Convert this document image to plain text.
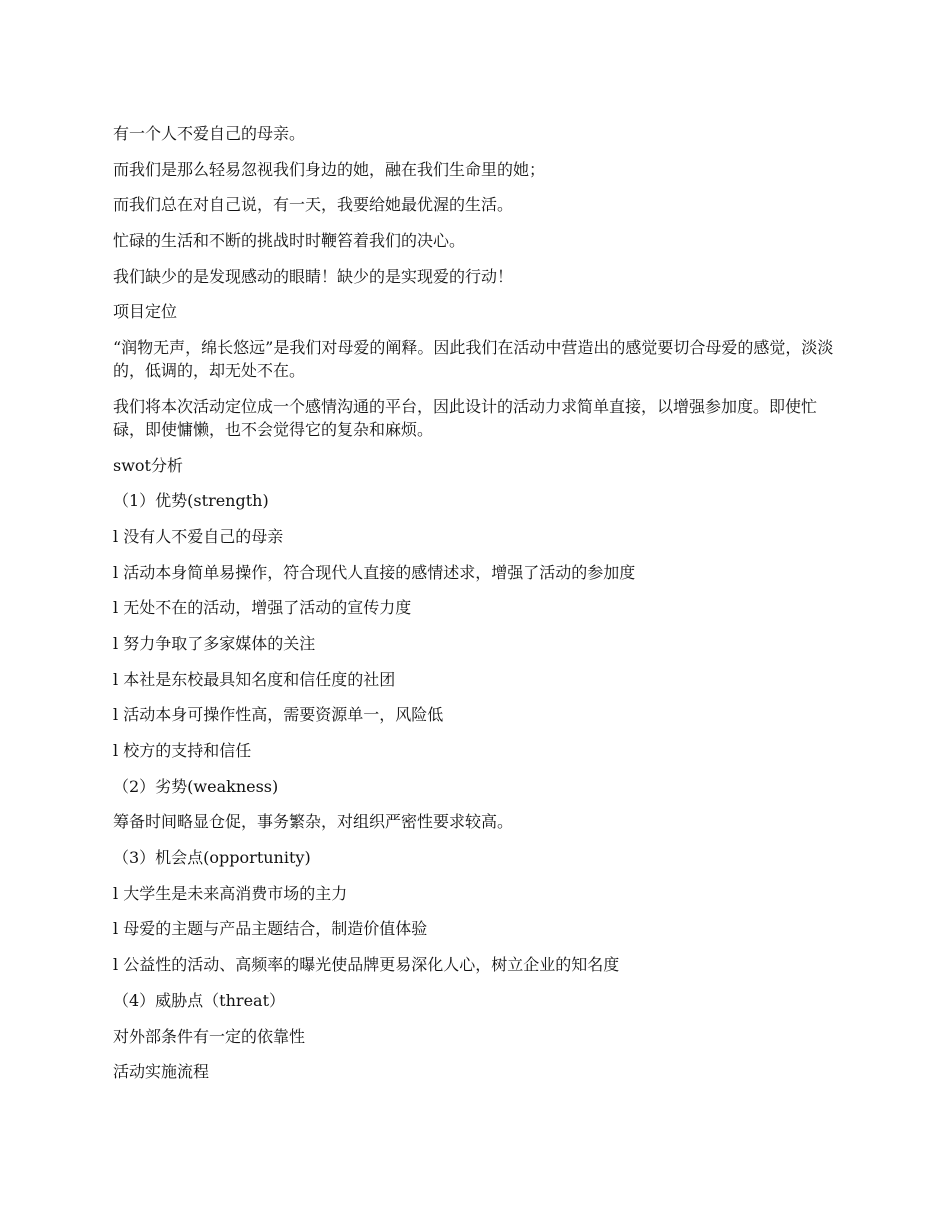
有一个人不爱自己的母亲。

而我们是那么轻易忽视我们身边的她，融在我们生命里的她；

而我们总在对自己说，有一天，我要给她最优渥的生活。

忙碌的生活和不断的挑战时时鞭笞着我们的决心。

我们缺少的是发现感动的眼睛！缺少的是实现爱的行动！

项目定位

“润物无声，绵长悠远”是我们对母爱的阐释。因此我们在活动中营造出的感觉要切合母爱的感觉，淡淡的，低调的，却无处不在。

我们将本次活动定位成一个感情沟通的平台，因此设计的活动力求简单直接，以增强参加度。即使忙碌，即使慵懒，也不会觉得它的复杂和麻烦。

swot分析

（1）优势(strength)

l 没有人不爱自己的母亲

l 活动本身简单易操作，符合现代人直接的感情述求，增强了活动的参加度

l 无处不在的活动，增强了活动的宣传力度

l 努力争取了多家媒体的关注

l 本社是东校最具知名度和信任度的社团

l 活动本身可操作性高，需要资源单一，风险低

l 校方的支持和信任

（2）劣势(weakness)

筹备时间略显仓促，事务繁杂，对组织严密性要求较高。

（3）机会点(opportunity)

l 大学生是未来高消费市场的主力

l 母爱的主题与产品主题结合，制造价值体验

l 公益性的活动、高频率的曝光使品牌更易深化人心，树立企业的知名度

（4）威胁点（threat）

对外部条件有一定的依靠性

活动实施流程
